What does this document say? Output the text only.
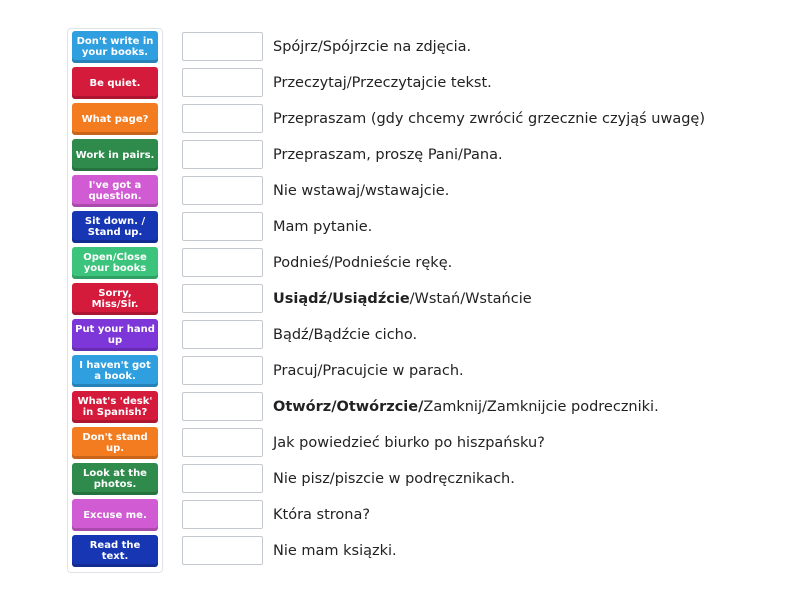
Don't write in your books.
Be quiet.
What page?
Work in pairs.
I've got a question.
Sit down. / Stand up.
Open/Close your books
Sorry, Miss/Sir.
Put your hand up
I haven't got a book.
What's 'desk' in Spanish?
Don't stand up.
Look at the photos.
Excuse me.
Read the text.
Spójrz/Spójrzcie na zdjęcia.
Przeczytaj/Przeczytajcie tekst.
Przepraszam (gdy chcemy zwrócić grzecznie czyjąś uwagę)
Przepraszam, proszę Pani/Pana.
Nie wstawaj/wstawajcie.
Mam pytanie.
Podnieś/Podnieście rękę.
Usiądź/Usiądźcie /Wstań/Wstańcie
Bądź/Bądźcie cicho.
Pracuj/Pracujcie w parach.
Otwórz/Otwórzcie/ Zamknij/Zamknijcie podreczniki.
Jak powiedzieć biurko po hiszpańsku?
Nie pisz/piszcie w podręcznikach.
Która strona?
Nie mam ksiązki.
